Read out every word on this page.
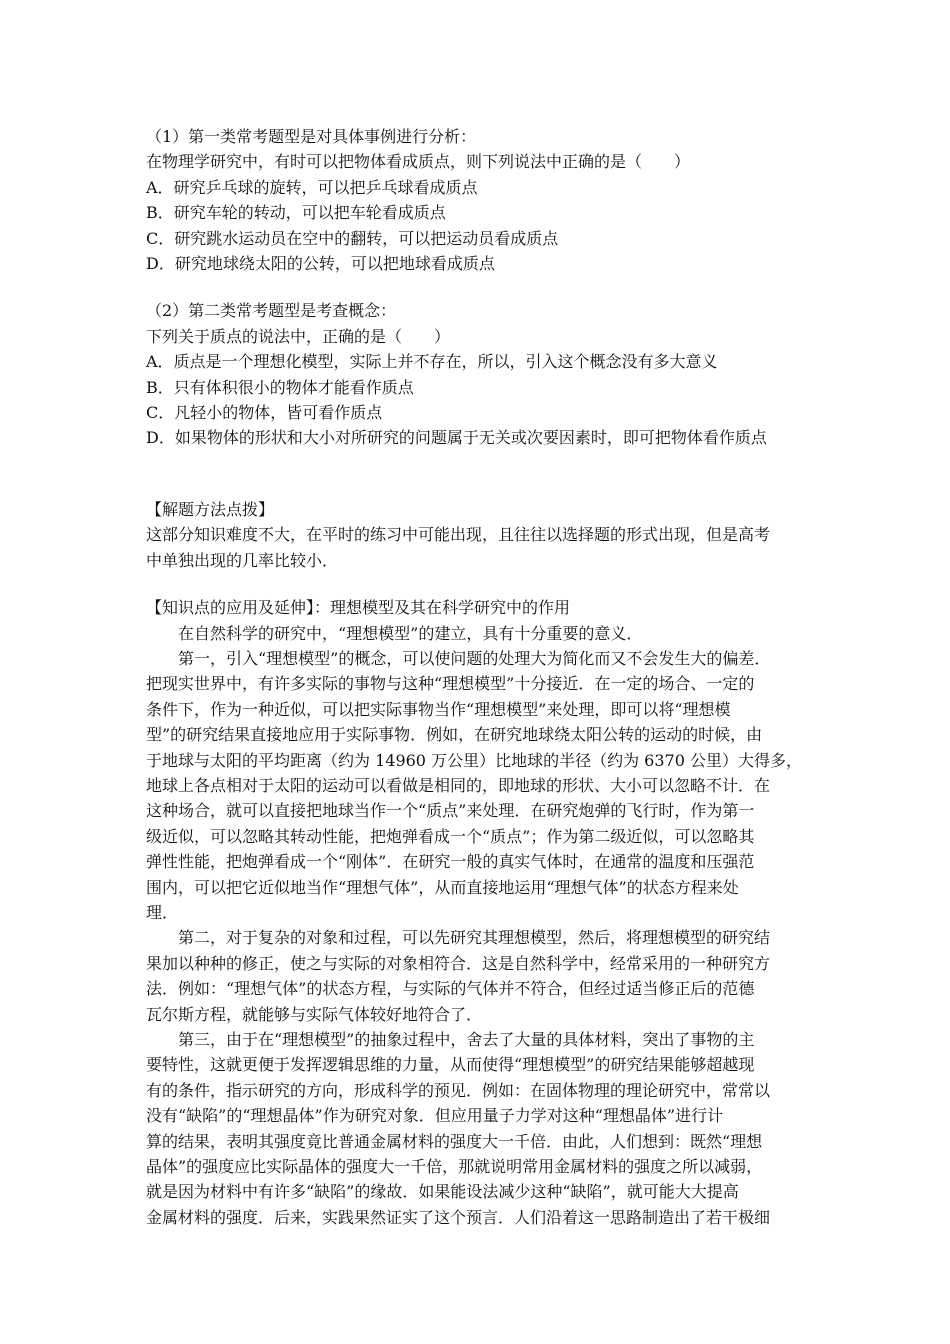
（1）第一类常考题型是对具体事例进行分析：
在物理学研究中，有时可以把物体看成质点，则下列说法中正确的是（　　）
A．研究乒乓球的旋转，可以把乒乓球看成质点
B．研究车轮的转动，可以把车轮看成质点
C．研究跳水运动员在空中的翻转，可以把运动员看成质点
D．研究地球绕太阳的公转，可以把地球看成质点
（2）第二类常考题型是考查概念：
下列关于质点的说法中，正确的是（　　）
A．质点是一个理想化模型，实际上并不存在，所以，引入这个概念没有多大意义
B．只有体积很小的物体才能看作质点
C．凡轻小的物体，皆可看作质点
D．如果物体的形状和大小对所研究的问题属于无关或次要因素时，即可把物体看作质点
【解题方法点拨】
这部分知识难度不大，在平时的练习中可能出现，且往往以选择题的形式出现，但是高考
中单独出现的几率比较小．
【知识点的应用及延伸】：理想模型及其在科学研究中的作用
在自然科学的研究中，“理想模型”的建立，具有十分重要的意义．
第一，引入“理想模型”的概念，可以使问题的处理大为简化而又不会发生大的偏差．
把现实世界中，有许多实际的事物与这种“理想模型”十分接近．在一定的场合、一定的
条件下，作为一种近似，可以把实际事物当作“理想模型”来处理，即可以将“理想模
型”的研究结果直接地应用于实际事物．例如，在研究地球绕太阳公转的运动的时候，由
于地球与太阳的平均距离（约为 14960 万公里）比地球的半径（约为 6370 公里）大得多，
地球上各点相对于太阳的运动可以看做是相同的，即地球的形状、大小可以忽略不计．在
这种场合，就可以直接把地球当作一个“质点”来处理．在研究炮弹的飞行时，作为第一
级近似，可以忽略其转动性能，把炮弹看成一个“质点”；作为第二级近似，可以忽略其
弹性性能，把炮弹看成一个“刚体”．在研究一般的真实气体时，在通常的温度和压强范
围内，可以把它近似地当作“理想气体”，从而直接地运用“理想气体”的状态方程来处
理．
第二，对于复杂的对象和过程，可以先研究其理想模型，然后，将理想模型的研究结
果加以种种的修正，使之与实际的对象相符合．这是自然科学中，经常采用的一种研究方
法．例如：“理想气体”的状态方程，与实际的气体并不符合，但经过适当修正后的范德
瓦尔斯方程，就能够与实际气体较好地符合了．
第三，由于在“理想模型”的抽象过程中，舍去了大量的具体材料，突出了事物的主
要特性，这就更便于发挥逻辑思维的力量，从而使得“理想模型”的研究结果能够超越现
有的条件，指示研究的方向，形成科学的预见．例如：在固体物理的理论研究中，常常以
没有“缺陷”的“理想晶体”作为研究对象．但应用量子力学对这种“理想晶体”进行计
算的结果，表明其强度竟比普通金属材料的强度大一千倍．由此，人们想到：既然“理想
晶体”的强度应比实际晶体的强度大一千倍，那就说明常用金属材料的强度之所以减弱，
就是因为材料中有许多“缺陷”的缘故．如果能设法减少这种“缺陷”，就可能大大提高
金属材料的强度．后来，实践果然证实了这个预言．人们沿着这一思路制造出了若干极细
